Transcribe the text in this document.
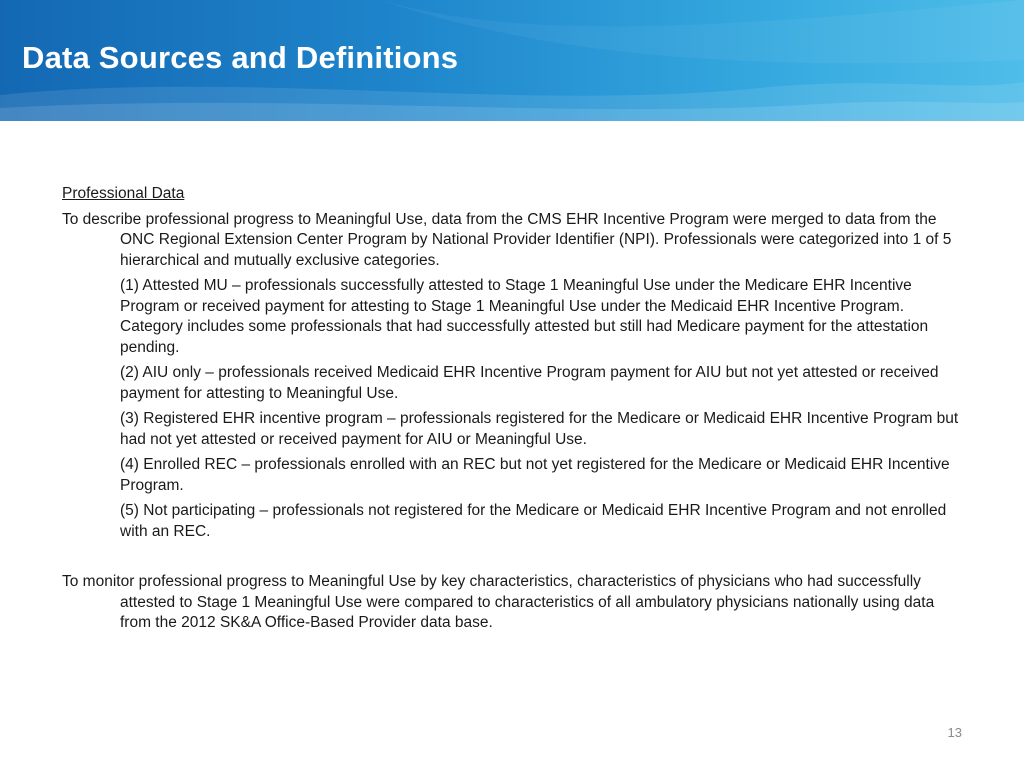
Data Sources and Definitions
Professional Data

To describe professional progress to Meaningful Use, data from the CMS EHR Incentive Program were merged to data from the ONC Regional Extension Center Program by National Provider Identifier (NPI). Professionals were categorized into 1 of 5 hierarchical and mutually exclusive categories.

(1) Attested MU – professionals successfully attested to Stage 1 Meaningful Use under the Medicare EHR Incentive Program or received payment for attesting to Stage 1 Meaningful Use under the Medicaid EHR Incentive Program. Category includes some professionals that had successfully attested but still had Medicare payment for the attestation pending.

(2) AIU only – professionals received Medicaid EHR Incentive Program payment for AIU but not yet attested or received payment for attesting to Meaningful Use.

(3) Registered EHR incentive program – professionals registered for the Medicare or Medicaid EHR Incentive Program but had not yet attested or received payment for AIU or Meaningful Use.

(4) Enrolled REC – professionals enrolled with an REC but not yet registered for the Medicare or Medicaid EHR Incentive Program.

(5) Not participating – professionals not registered for the Medicare or Medicaid EHR Incentive Program and not enrolled with an REC.

To monitor professional progress to Meaningful Use by key characteristics, characteristics of physicians who had successfully attested to Stage 1 Meaningful Use were compared to characteristics of all ambulatory physicians nationally using data from the 2012 SK&A Office-Based Provider data base.

13
